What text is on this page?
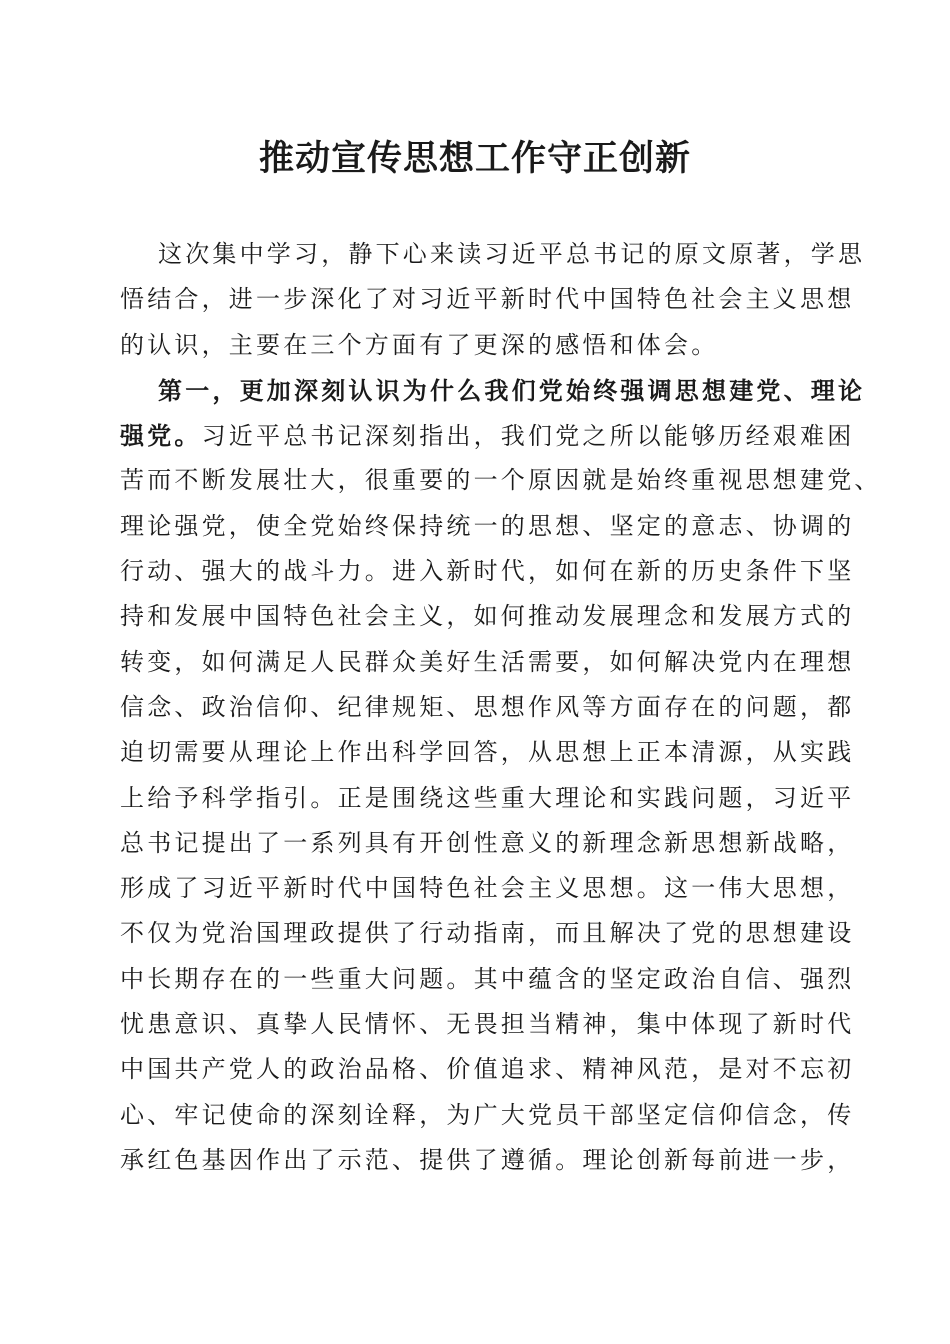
推动宣传思想工作守正创新

这次集中学习，静下心来读习近平总书记的原文原著，学思

悟结合，进一步深化了对习近平新时代中国特色社会主义思想

的认识，主要在三个方面有了更深的感悟和体会。

第一，更加深刻认识为什么我们党始终强调思想建党、理论

强党。习近平总书记深刻指出，我们党之所以能够历经艰难困

苦而不断发展壮大，很重要的一个原因就是始终重视思想建党、

理论强党，使全党始终保持统一的思想、坚定的意志、协调的

行动、强大的战斗力。进入新时代，如何在新的历史条件下坚

持和发展中国特色社会主义，如何推动发展理念和发展方式的

转变，如何满足人民群众美好生活需要，如何解决党内在理想

信念、政治信仰、纪律规矩、思想作风等方面存在的问题，都

迫切需要从理论上作出科学回答，从思想上正本清源，从实践

上给予科学指引。正是围绕这些重大理论和实践问题，习近平

总书记提出了一系列具有开创性意义的新理念新思想新战略，

形成了习近平新时代中国特色社会主义思想。这一伟大思想，

不仅为党治国理政提供了行动指南，而且解决了党的思想建设

中长期存在的一些重大问题。其中蕴含的坚定政治自信、强烈

忧患意识、真挚人民情怀、无畏担当精神，集中体现了新时代

中国共产党人的政治品格、价值追求、精神风范，是对不忘初

心、牢记使命的深刻诠释，为广大党员干部坚定信仰信念，传

承红色基因作出了示范、提供了遵循。理论创新每前进一步，
